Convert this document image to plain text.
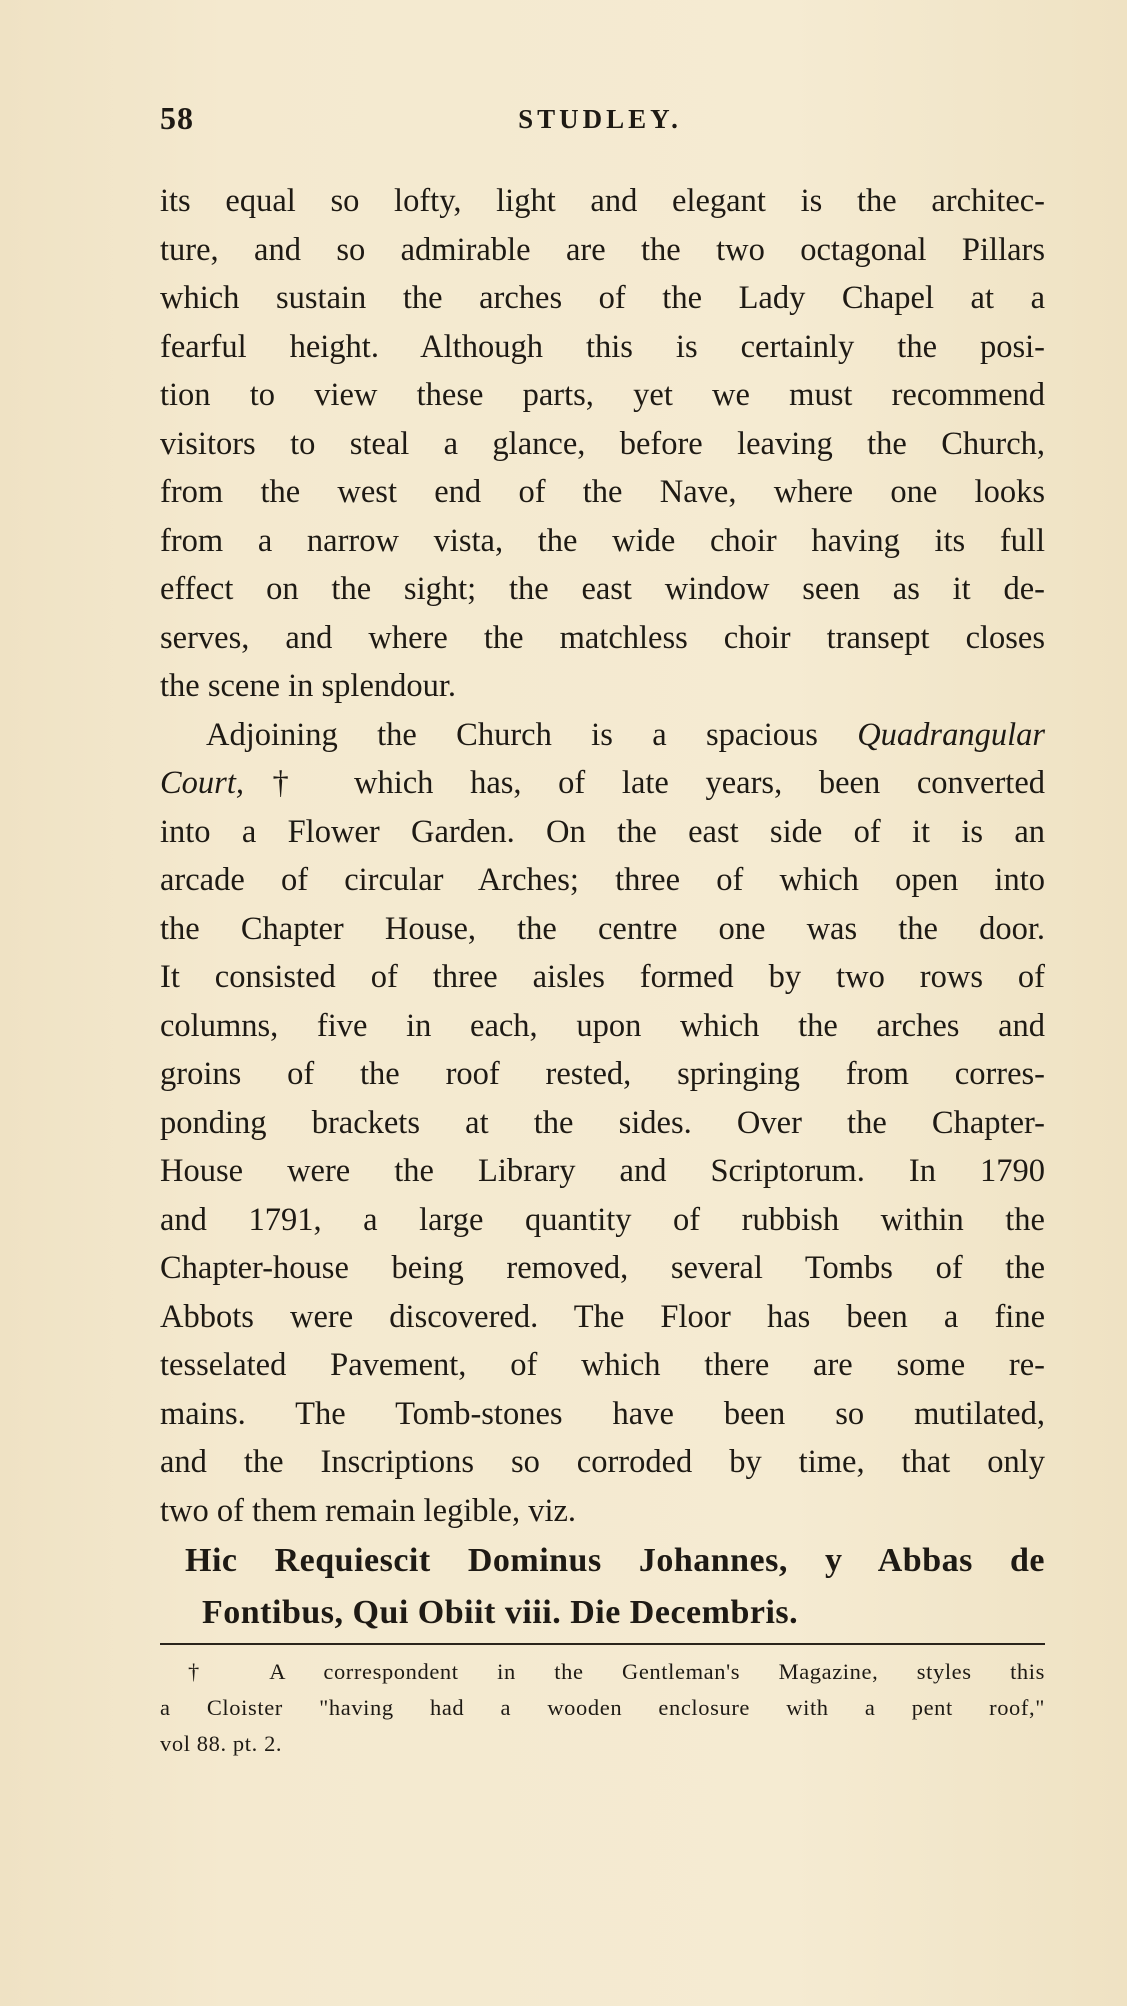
58	STUDLEY.
its equal so lofty, light and elegant is the architec-
ture, and so admirable are the two octagonal Pillars
which sustain the arches of the Lady Chapel at a
fearful height. Although this is certainly the posi-
tion to view these parts, yet we must recommend
visitors to steal a glance, before leaving the Church,
from the west end of the Nave, where one looks
from a narrow vista, the wide choir having its full
effect on the sight; the east window seen as it de-
serves, and where the matchless choir transept closes
the scene in splendour.
Adjoining the Church is a spacious Quadrangular
Court,† which has, of late years, been converted
into a Flower Garden. On the east side of it is an
arcade of circular Arches; three of which open into
the Chapter House, the centre one was the door.
It consisted of three aisles formed by two rows of
columns, five in each, upon which the arches and
groins of the roof rested, springing from corres-
ponding brackets at the sides. Over the Chapter-
House were the Library and Scriptorum. In 1790
and 1791, a large quantity of rubbish within the
Chapter-house being removed, several Tombs of the
Abbots were discovered. The Floor has been a fine
tesselated Pavement, of which there are some re-
mains. The Tomb-stones have been so mutilated,
and the Inscriptions so corroded by time, that only
two of them remain legible, viz.
Hic Requiescit Dominus Johannes, y Abbas de
Fontibus, Qui Obiit viii. Die Decembris.
† A correspondent in the Gentleman's Magazine, styles this
a Cloister "having had a wooden enclosure with a pent roof,"
vol 88. pt. 2.
